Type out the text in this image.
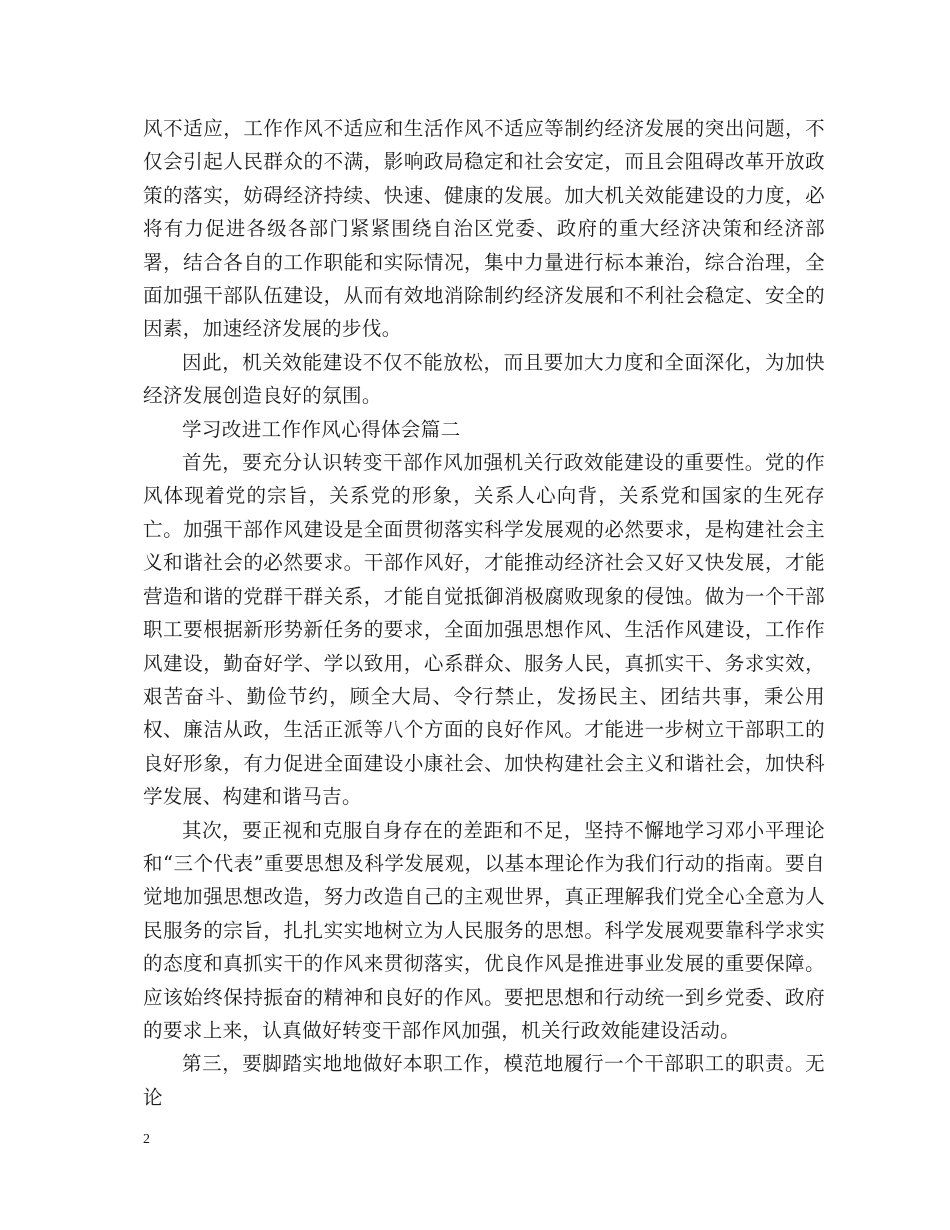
风不适应，工作作风不适应和生活作风不适应等制约经济发展的突出问题，不仅会引起人民群众的不满，影响政局稳定和社会安定，而且会阻碍改革开放政策的落实，妨碍经济持续、快速、健康的发展。加大机关效能建设的力度，必将有力促进各级各部门紧紧围绕自治区党委、政府的重大经济决策和经济部署，结合各自的工作职能和实际情况，集中力量进行标本兼治，综合治理，全面加强干部队伍建设，从而有效地消除制约经济发展和不利社会稳定、安全的因素，加速经济发展的步伐。

因此，机关效能建设不仅不能放松，而且要加大力度和全面深化，为加快经济发展创造良好的氛围。

学习改进工作作风心得体会篇二

首先，要充分认识转变干部作风加强机关行政效能建设的重要性。党的作风体现着党的宗旨，关系党的形象，关系人心向背，关系党和国家的生死存亡。加强干部作风建设是全面贯彻落实科学发展观的必然要求，是构建社会主义和谐社会的必然要求。干部作风好，才能推动经济社会又好又快发展，才能营造和谐的党群干群关系，才能自觉抵御消极腐败现象的侵蚀。做为一个干部职工要根据新形势新任务的要求，全面加强思想作风、生活作风建设，工作作风建设，勤奋好学、学以致用，心系群众、服务人民，真抓实干、务求实效，艰苦奋斗、勤俭节约，顾全大局、令行禁止，发扬民主、团结共事，秉公用权、廉洁从政，生活正派等八个方面的良好作风。才能进一步树立干部职工的良好形象，有力促进全面建设小康社会、加快构建社会主义和谐社会，加快科学发展、构建和谐马吉。

其次，要正视和克服自身存在的差距和不足，坚持不懈地学习邓小平理论和“三个代表”重要思想及科学发展观，以基本理论作为我们行动的指南。要自觉地加强思想改造，努力改造自己的主观世界，真正理解我们党全心全意为人民服务的宗旨，扎扎实实地树立为人民服务的思想。科学发展观要靠科学求实的态度和真抓实干的作风来贯彻落实，优良作风是推进事业发展的重要保障。应该始终保持振奋的精神和良好的作风。要把思想和行动统一到乡党委、政府的要求上来，认真做好转变干部作风加强，机关行政效能建设活动。

第三，要脚踏实地地做好本职工作，模范地履行一个干部职工的职责。无论

2
